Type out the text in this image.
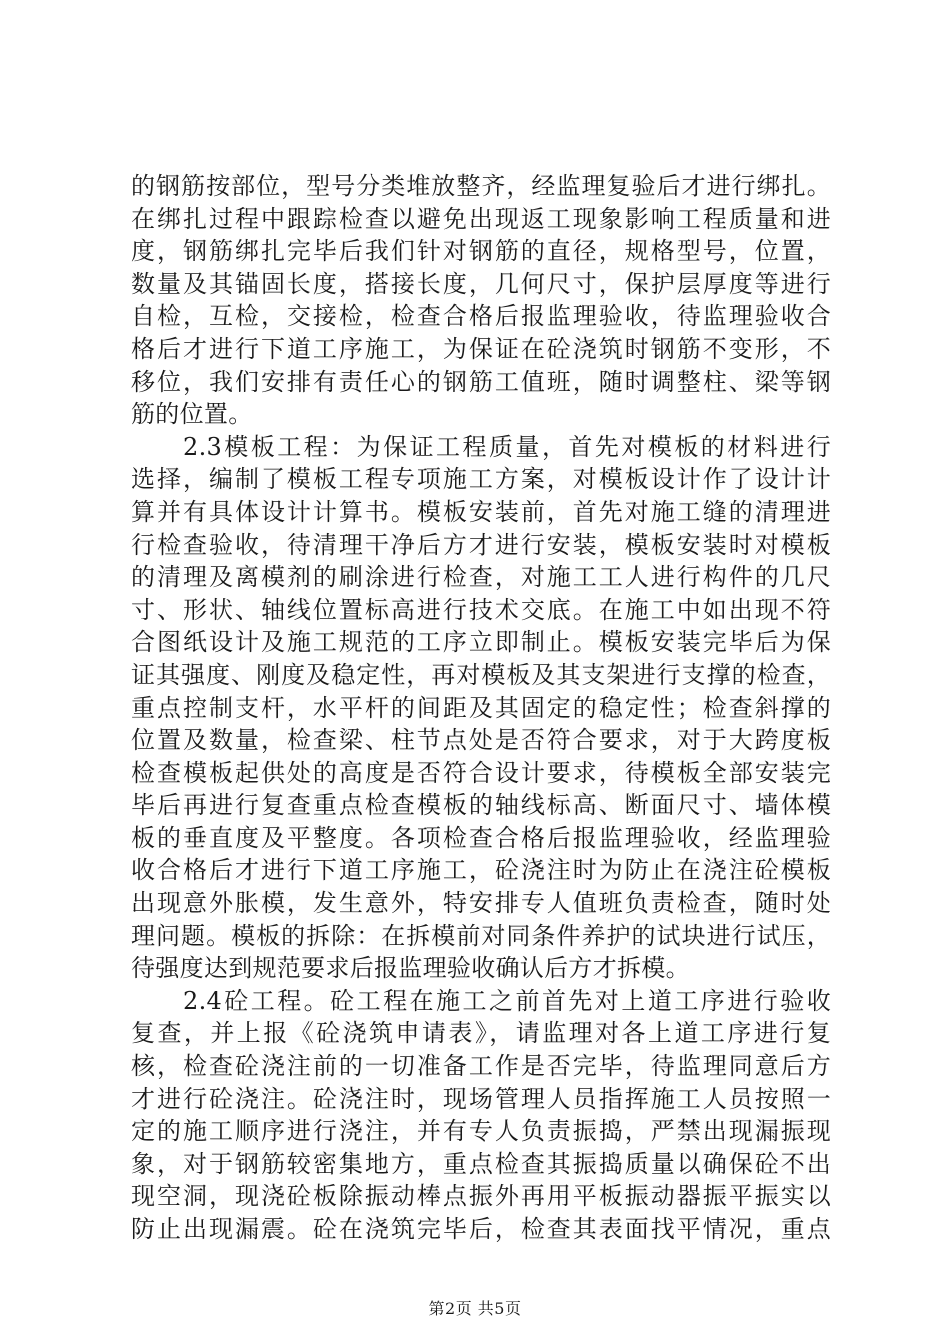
的钢筋按部位，型号分类堆放整齐，经监理复验后才进行绑扎。
在绑扎过程中跟踪检查以避免出现返工现象影响工程质量和进
度，钢筋绑扎完毕后我们针对钢筋的直径，规格型号，位置，
数量及其锚固长度，搭接长度，几何尺寸，保护层厚度等进行
自检，互检，交接检，检查合格后报监理验收，待监理验收合
格后才进行下道工序施工，为保证在砼浇筑时钢筋不变形，不
移位，我们安排有责任心的钢筋工值班，随时调整柱、梁等钢
筋的位置。
2.3模板工程：为保证工程质量，首先对模板的材料进行
选择，编制了模板工程专项施工方案，对模板设计作了设计计
算并有具体设计计算书。模板安装前，首先对施工缝的清理进
行检查验收，待清理干净后方才进行安装，模板安装时对模板
的清理及离模剂的刷涂进行检查，对施工工人进行构件的几尺
寸、形状、轴线位置标高进行技术交底。在施工中如出现不符
合图纸设计及施工规范的工序立即制止。模板安装完毕后为保
证其强度、刚度及稳定性，再对模板及其支架进行支撑的检查，
重点控制支杆，水平杆的间距及其固定的稳定性；检查斜撑的
位置及数量，检查梁、柱节点处是否符合要求，对于大跨度板
检查模板起供处的高度是否符合设计要求，待模板全部安装完
毕后再进行复查重点检查模板的轴线标高、断面尺寸、墙体模
板的垂直度及平整度。各项检查合格后报监理验收，经监理验
收合格后才进行下道工序施工，砼浇注时为防止在浇注砼模板
出现意外胀模，发生意外，特安排专人值班负责检查，随时处
理问题。模板的拆除：在拆模前对同条件养护的试块进行试压，
待强度达到规范要求后报监理验收确认后方才拆模。
2.4砼工程。砼工程在施工之前首先对上道工序进行验收
复查，并上报《砼浇筑申请表》，请监理对各上道工序进行复
核，检查砼浇注前的一切准备工作是否完毕，待监理同意后方
才进行砼浇注。砼浇注时，现场管理人员指挥施工人员按照一
定的施工顺序进行浇注，并有专人负责振捣，严禁出现漏振现
象，对于钢筋较密集地方，重点检查其振捣质量以确保砼不出
现空洞，现浇砼板除振动棒点振外再用平板振动器振平振实以
防止出现漏震。砼在浇筑完毕后，检查其表面找平情况，重点
第2页 共5页
